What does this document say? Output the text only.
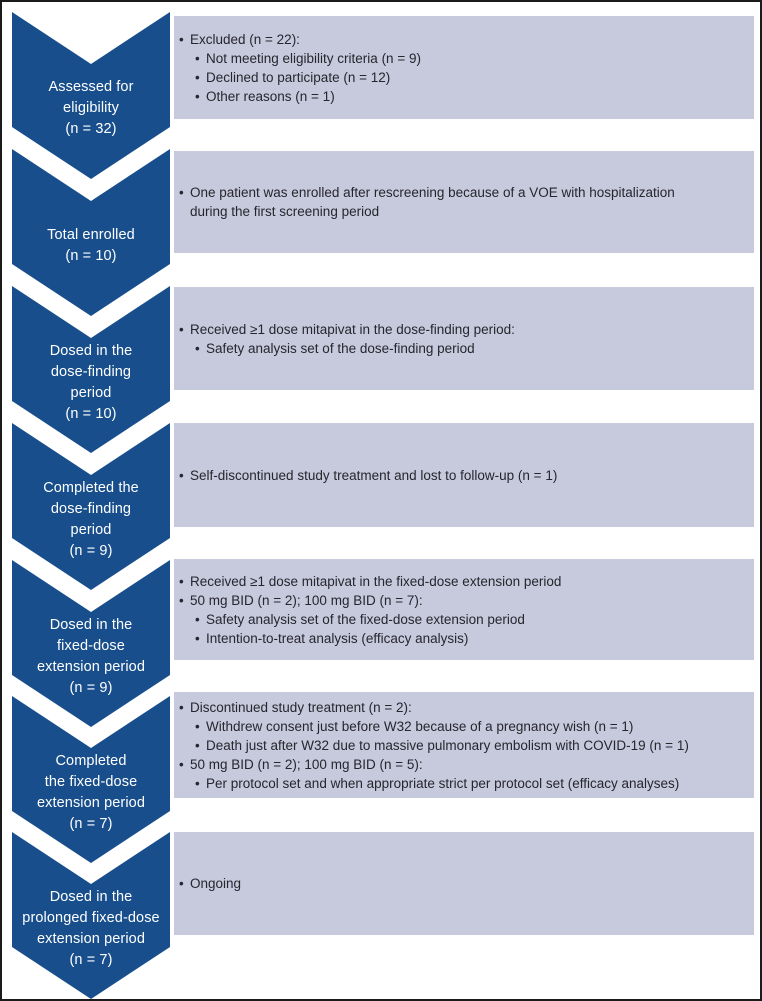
Assessed for
eligibility
(n = 32)
• Excluded (n = 22):
• Not meeting eligibility criteria (n = 9)
• Declined to participate (n = 12)
• Other reasons (n = 1)
Total enrolled
(n = 10)
• One patient was enrolled after rescreening because of a VOE with hospitalization
during the first screening period
Dosed in the
dose-finding
period
(n = 10)
• Received ≥1 dose mitapivat in the dose-finding period:
• Safety analysis set of the dose-finding period
Completed the
dose-finding
period
(n = 9)
• Self-discontinued study treatment and lost to follow-up (n = 1)
Dosed in the
fixed-dose
extension period
(n = 9)
• Received ≥1 dose mitapivat in the fixed-dose extension period
• 50 mg BID (n = 2); 100 mg BID (n = 7):
• Safety analysis set of the fixed-dose extension period
• Intention-to-treat analysis (efficacy analysis)
Completed
the fixed-dose
extension period
(n = 7)
• Discontinued study treatment (n = 2):
• Withdrew consent just before W32 because of a pregnancy wish (n = 1)
• Death just after W32 due to massive pulmonary embolism with COVID-19 (n = 1)
• 50 mg BID (n = 2); 100 mg BID (n = 5):
• Per protocol set and when appropriate strict per protocol set (efficacy analyses)
Dosed in the
prolonged fixed-dose
extension period
(n = 7)
• Ongoing
